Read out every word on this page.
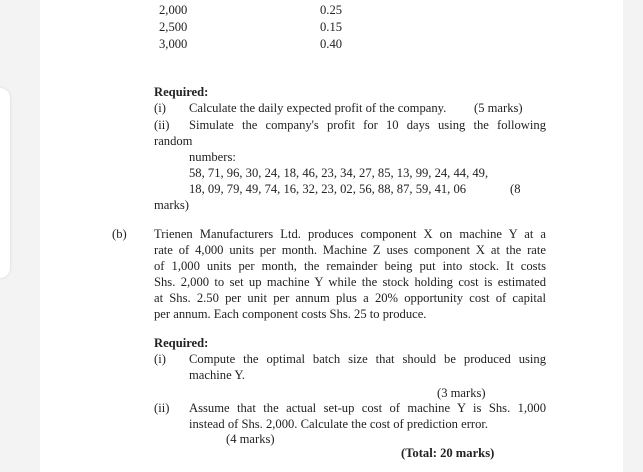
2,000	0.25
2,500	0.15
3,000	0.40
Required:
(i) Calculate the daily expected profit of the company. (5 marks)
(ii) Simulate the company's profit for 10 days using the following
random
numbers:
58, 71, 96, 30, 24, 18, 46, 23, 34, 27, 85, 13, 99, 24, 44, 49,
18, 09, 79, 49, 74, 16, 32, 23, 02, 56, 88, 87, 59, 41, 06	(8
marks)
(b) Trienen Manufacturers Ltd. produces component X on machine Y at a
rate of 4,000 units per month. Machine Z uses component X at the rate
of 1,000 units per month, the remainder being put into stock. It costs
Shs. 2,000 to set up machine Y while the stock holding cost is estimated
at Shs. 2.50 per unit per annum plus a 20% opportunity cost of capital
per annum. Each component costs Shs. 25 to produce.
Required:
(i) Compute the optimal batch size that should be produced using
machine Y.
(3 marks)
(ii) Assume that the actual set-up cost of machine Y is Shs. 1,000
instead of Shs. 2,000. Calculate the cost of prediction error.
(4 marks)
(Total: 20 marks)
